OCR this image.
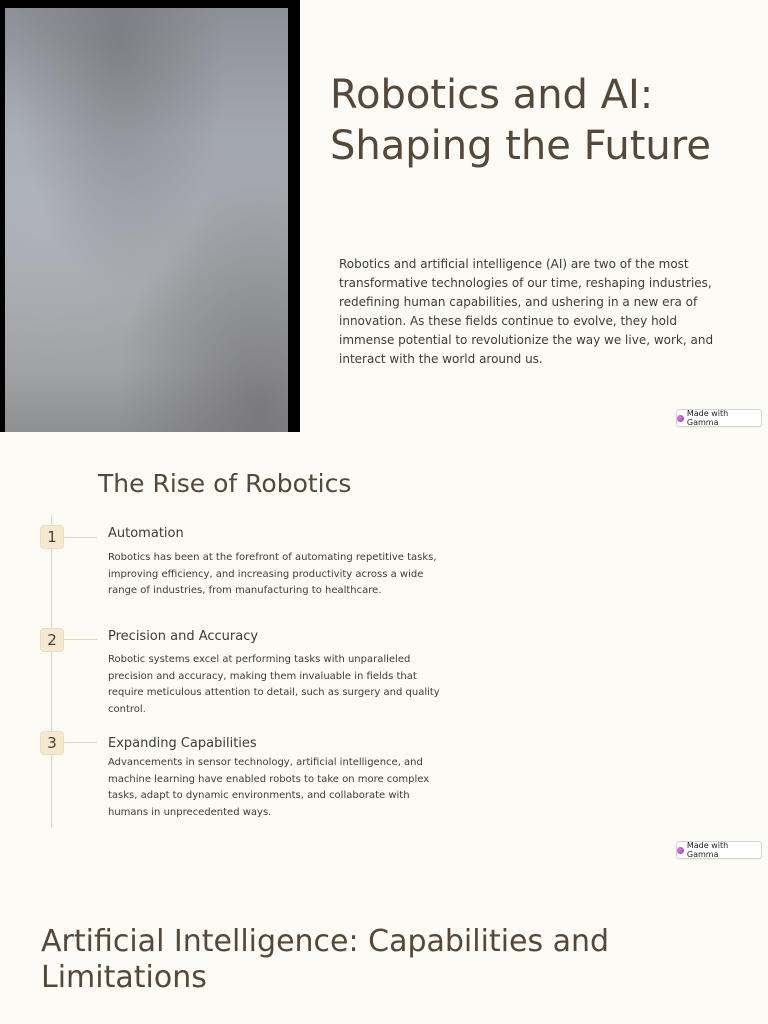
Robotics and AI: Shaping the Future

Robotics and artificial intelligence (AI) are two of the most transformative technologies of our time, reshaping industries, redefining human capabilities, and ushering in a new era of innovation. As these fields continue to evolve, they hold immense potential to revolutionize the way we live, work, and interact with the world around us.

Made with Gamma
The Rise of Robotics
1	Automation

Robotics has been at the forefront of automating repetitive tasks, improving efficiency, and increasing productivity across a wide range of industries, from manufacturing to healthcare.

2	Precision and Accuracy

Robotic systems excel at performing tasks with unparalleled precision and accuracy, making them invaluable in fields that require meticulous attention to detail, such as surgery and quality control.

3	Expanding Capabilities

Advancements in sensor technology, artificial intelligence, and machine learning have enabled robots to take on more complex tasks, adapt to dynamic environments, and collaborate with humans in unprecedented ways.

Made with Gamma
Artificial Intelligence: Capabilities and Limitations
